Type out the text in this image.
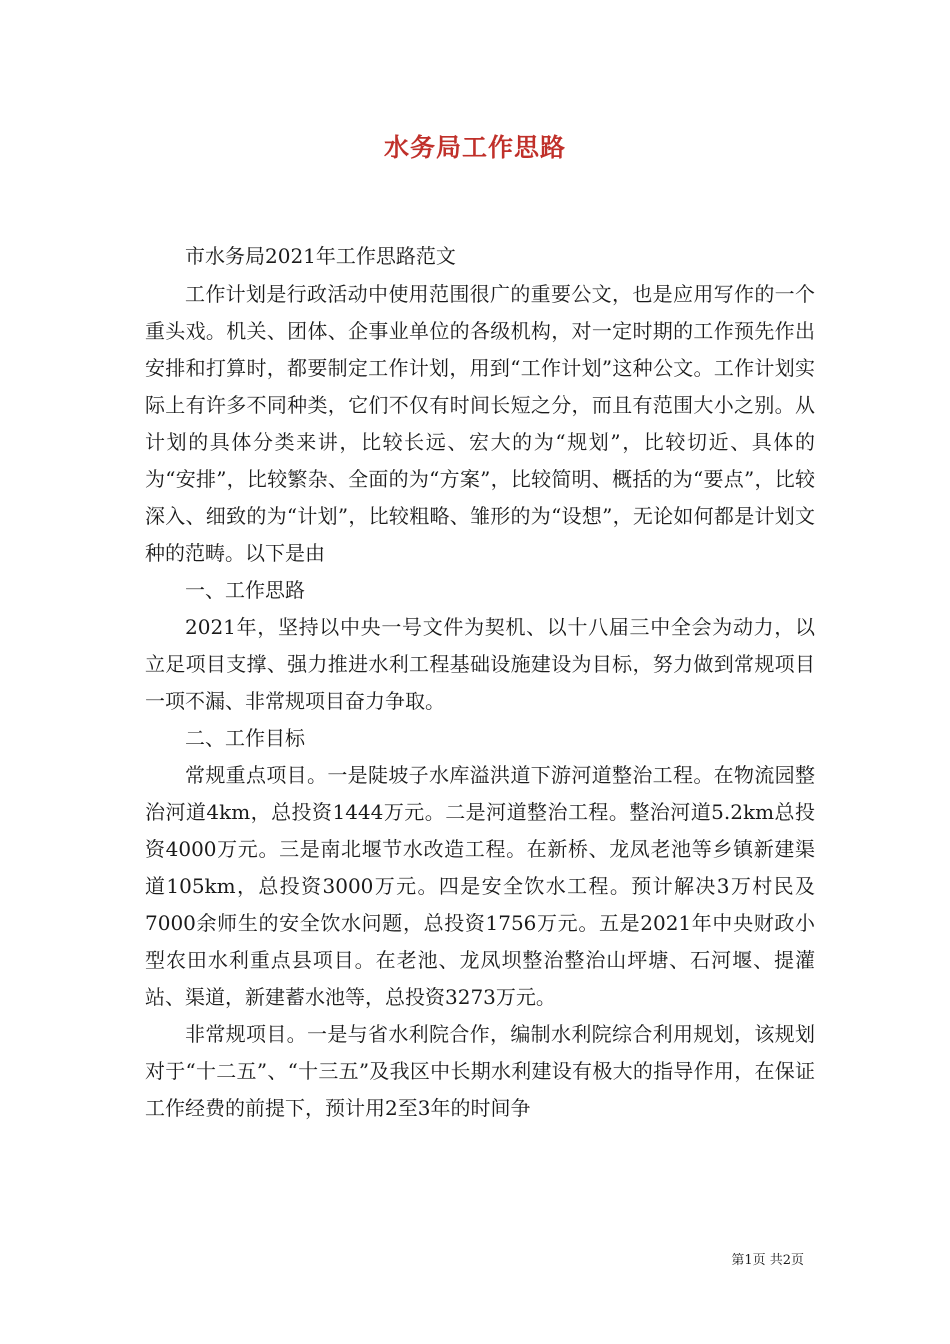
水务局工作思路

市水务局2021年工作思路范文

工作计划是行政活动中使用范围很广的重要公文，也是应用写作的一个重头戏。机关、团体、企事业单位的各级机构，对一定时期的工作预先作出安排和打算时，都要制定工作计划，用到“工作计划”这种公文。工作计划实际上有许多不同种类，它们不仅有时间长短之分，而且有范围大小之别。从计划的具体分类来讲，比较长远、宏大的为“规划”，比较切近、具体的为“安排”，比较繁杂、全面的为“方案”，比较简明、概括的为“要点”，比较深入、细致的为“计划”，比较粗略、雏形的为“设想”，无论如何都是计划文种的范畴。以下是由

一、工作思路

2021年，坚持以中央一号文件为契机、以十八届三中全会为动力，以立足项目支撑、强力推进水利工程基础设施建设为目标，努力做到常规项目一项不漏、非常规项目奋力争取。

二、工作目标

常规重点项目。一是陡坡子水库溢洪道下游河道整治工程。在物流园整治河道4km，总投资1444万元。二是河道整治工程。整治河道5.2km总投资4000万元。三是南北堰节水改造工程。在新桥、龙凤老池等乡镇新建渠道105km，总投资3000万元。四是安全饮水工程。预计解决3万村民及7000余师生的安全饮水问题，总投资1756万元。五是2021年中央财政小型农田水利重点县项目。在老池、龙凤坝整治整治山坪塘、石河堰、提灌站、渠道，新建蓄水池等，总投资3273万元。

非常规项目。一是与省水利院合作，编制水利院综合利用规划，该规划对于“十二五”、“十三五”及我区中长期水利建设有极大的指导作用，在保证工作经费的前提下，预计用2至3年的时间争

第1页 共2页
